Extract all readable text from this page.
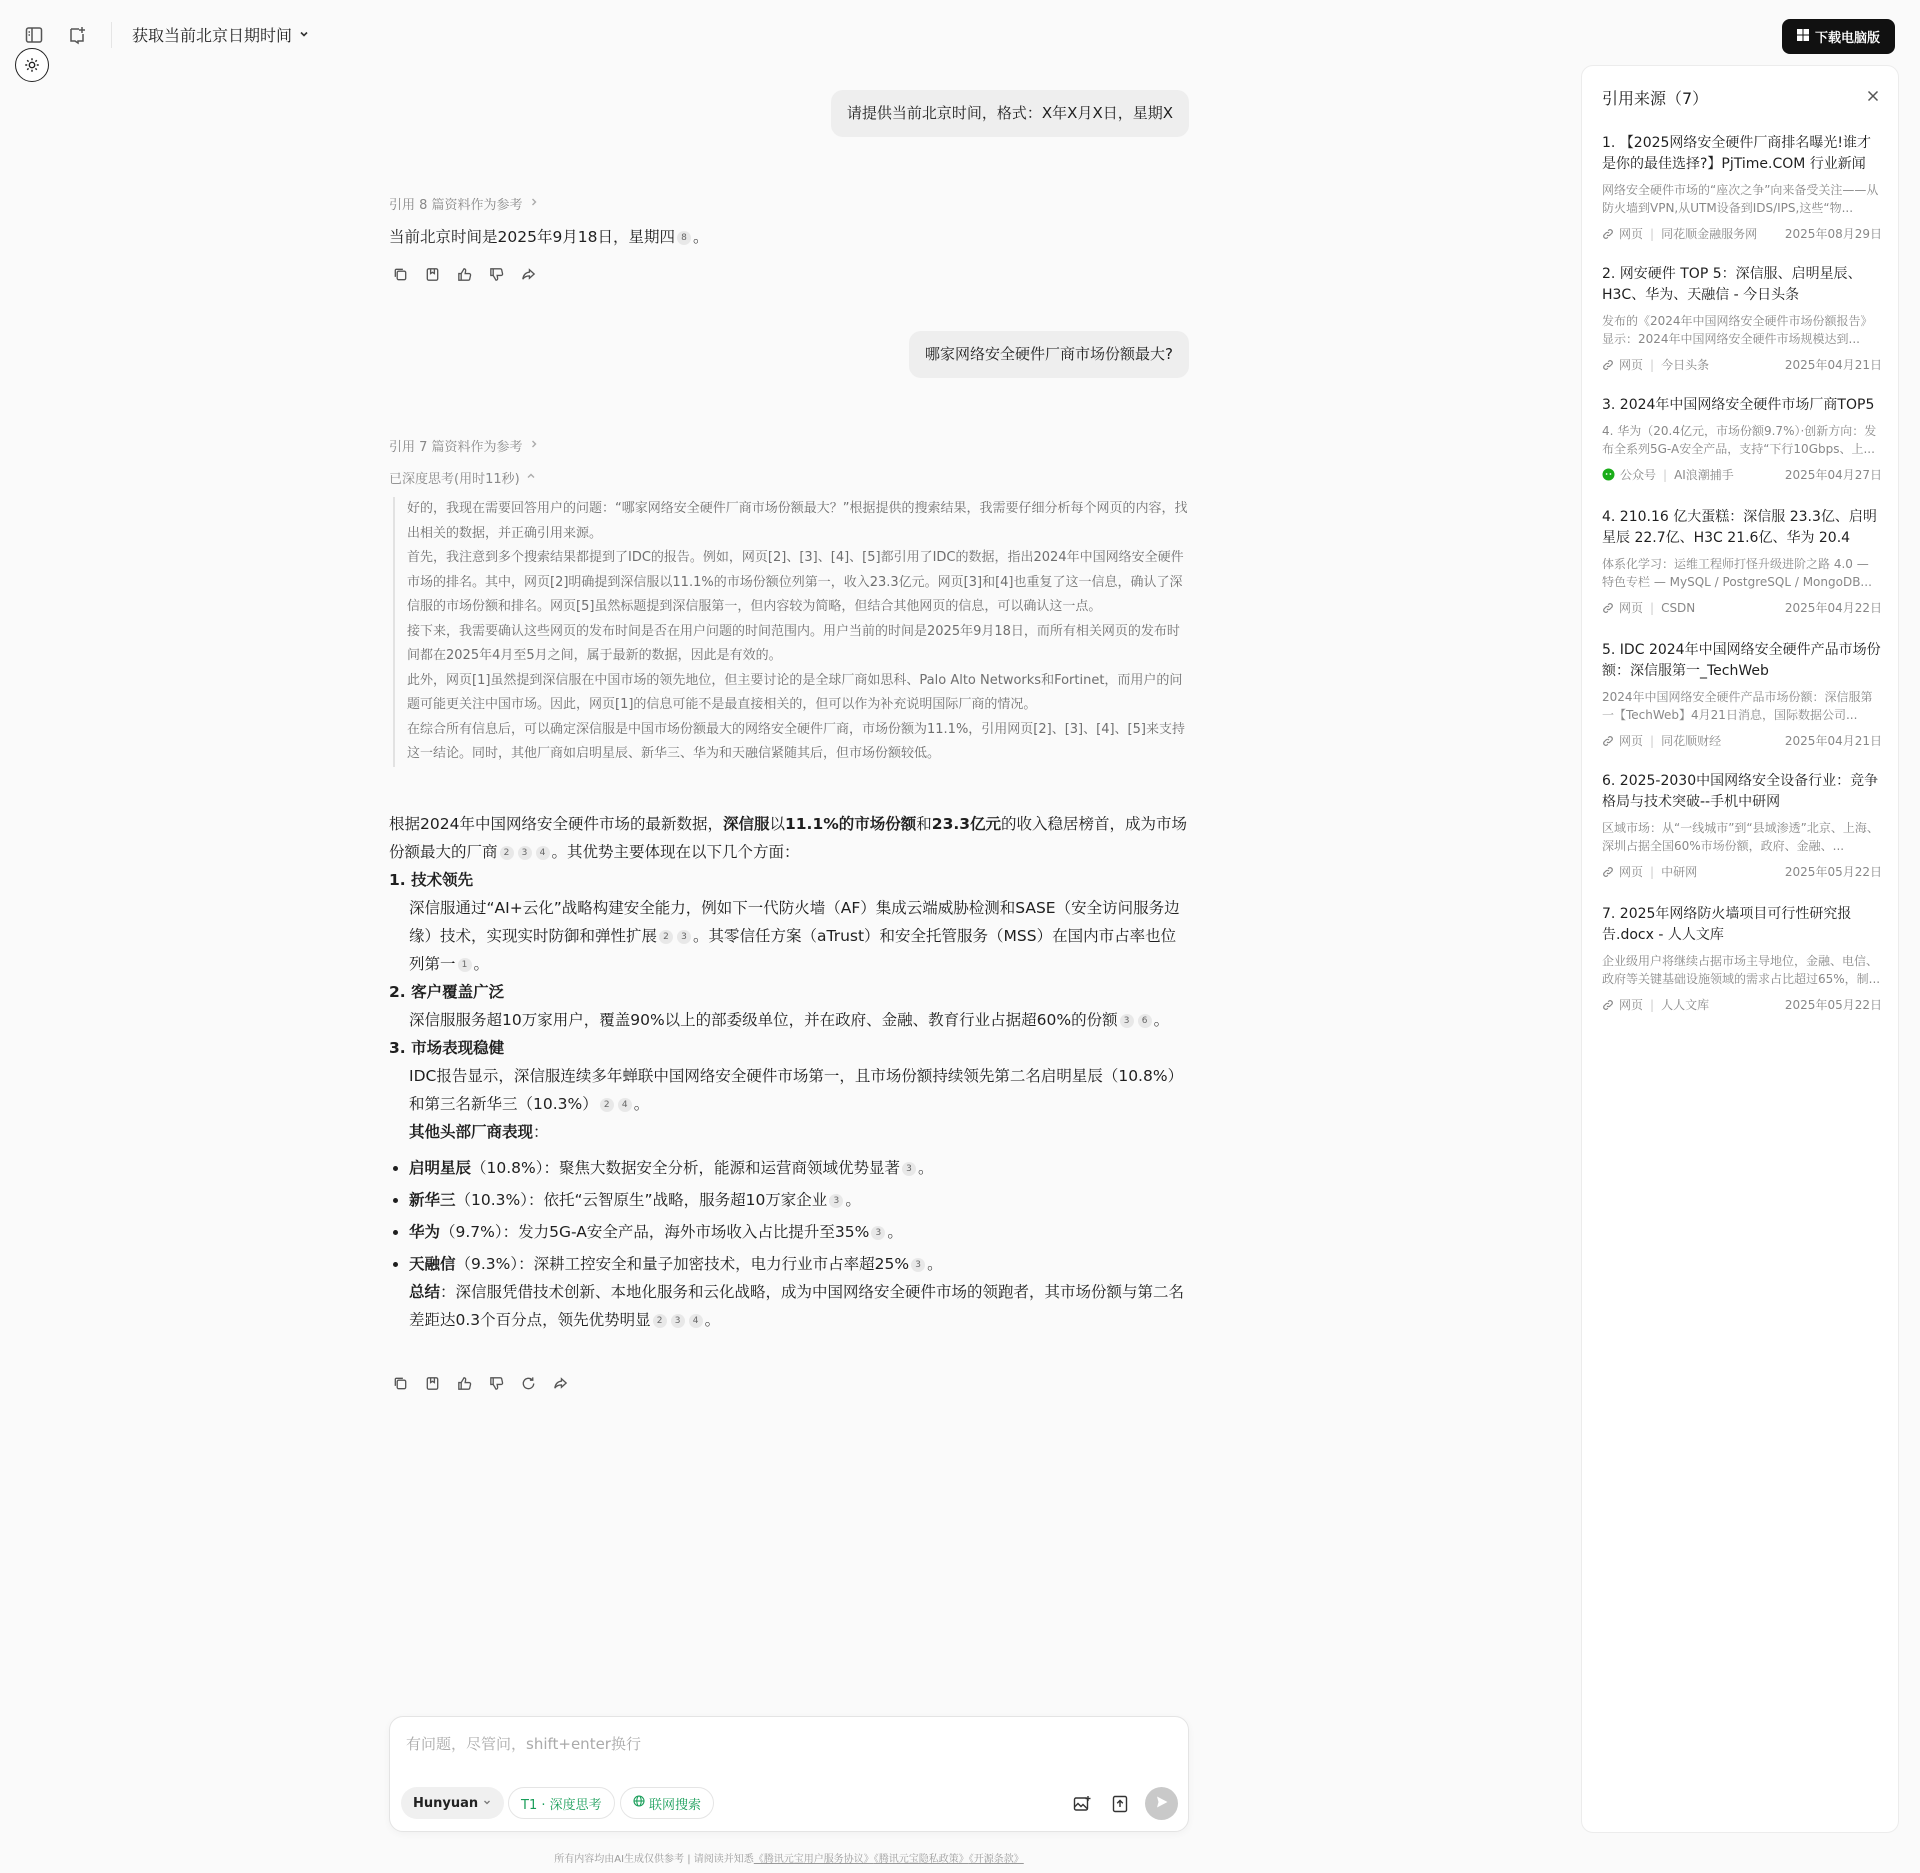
获取当前北京日期时间	下载电脑版
请提供当前北京时间，格式：X年X月X日，星期X
引用 8 篇资料作为参考
当前北京时间是2025年9月18日，星期四 8 。
哪家网络安全硬件厂商市场份额最大?
引用 7 篇资料作为参考
已深度思考(用时11秒)

好的，我现在需要回答用户的问题：“哪家网络安全硬件厂商市场份额最大？”根据提供的搜索结果，我需要仔细分析每个网页的内容，找出相关的数据，并正确引用来源。

首先，我注意到多个搜索结果都提到了IDC的报告。例如，网页[2]、[3]、[4]、[5]都引用了IDC的数据，指出2024年中国网络安全硬件市场的排名。其中，网页[2]明确提到深信服以11.1%的市场份额位列第一，收入23.3亿元。网页[3]和[4]也重复了这一信息，确认了深信服的市场份额和排名。网页[5]虽然标题提到深信服第一，但内容较为简略，但结合其他网页的信息，可以确认这一点。

接下来，我需要确认这些网页的发布时间是否在用户问题的时间范围内。用户当前的时间是2025年9月18日，而所有相关网页的发布时间都在2025年4月至5月之间，属于最新的数据，因此是有效的。

此外，网页[1]虽然提到深信服在中国市场的领先地位，但主要讨论的是全球厂商如思科、Palo Alto Networks和Fortinet，而用户的问题可能更关注中国市场。因此，网页[1]的信息可能不是最直接相关的，但可以作为补充说明国际厂商的情况。

在综合所有信息后，可以确定深信服是中国市场份额最大的网络安全硬件厂商，市场份额为11.1%，引用网页[2]、[3]、[4]、[5]来支持这一结论。同时，其他厂商如启明星辰、新华三、华为和天融信紧随其后，但市场份额较低。

根据2024年中国网络安全硬件市场的最新数据，深信服以11.1%的市场份额和23.3亿元的收入稳居榜首，成为市场份额最大的厂商 2 3 4 。其优势主要体现在以下几个方面：

1. 技术领先

深信服通过“AI+云化”战略构建安全能力，例如下一代防火墙（AF）集成云端威胁检测和SASE（安全访问服务边缘）技术，实现实时防御和弹性扩展 2 3 。其零信任方案（aTrust）和安全托管服务（MSS）在国内市占率也位列第一 1 。

2. 客户覆盖广泛

深信服服务超10万家用户，覆盖90%以上的部委级单位，并在政府、金融、教育行业占据超60%的份额 3 6 。

3. 市场表现稳健

IDC报告显示，深信服连续多年蝉联中国网络安全硬件市场第一，且市场份额持续领先第二名启明星辰（10.8%）和第三名新华三（10.3%） 2 4 。

其他头部厂商表现：

• 启明星辰（10.8%）：聚焦大数据安全分析，能源和运营商领域优势显著 3 。
• 新华三（10.3%）：依托“云智原生”战略，服务超10万家企业 3 。
• 华为（9.7%）：发力5G-A安全产品，海外市场收入占比提升至35% 3 。
• 天融信（9.3%）：深耕工控安全和量子加密技术，电力行业市占率超25% 3 。
总结：深信服凭借技术创新、本地化服务和云化战略，成为中国网络安全硬件市场的领跑者，其市场份额与第二名差距达0.3个百分点，领先优势明显 2 3 4 。
有问题，尽管问，shift+enter换行
Hunyuan	T1 · 深度思考	联网搜索
所有内容均由AI生成仅供参考 | 请阅读并知悉《腾讯元宝用户服务协议》《腾讯元宝隐私政策》《开源条款》
引用来源（7）
1. 【2025网络安全硬件厂商排名曝光!谁才是你的最佳选择?】PjTime.COM 行业新闻
网络安全硬件市场的“座次之争”向来备受关注——从防火墙到VPN,从UTM设备到IDS/IPS,这些“物...
网页 | 同花顺金融服务网 2025年08月29日
2. 网安硬件 TOP 5：深信服、启明星辰、H3C、华为、天融信 - 今日头条
发布的《2024年中国网络安全硬件市场份额报告》显示：2024年中国网络安全硬件市场规模达到...
网页 | 今日头条	2025年04月21日
3. 2024年中国网络安全硬件市场厂商TOP5
4. 华为（20.4亿元，市场份额9.7%）·创新方向：发布全系列5G-A安全产品，支持“下行10Gbps、上...
公众号 | AI浪潮捕手	2025年04月27日
4. 210.16 亿大蛋糕：深信服 23.3亿、启明星辰 22.7亿、H3C 21.6亿、华为 20.4
体系化学习：运维工程师打怪升级进阶之路 4.0 — 特色专栏 — MySQL / PostgreSQL / MongoDB...
网页 | CSDN	2025年04月22日
5. IDC 2024年中国网络安全硬件产品市场份额：深信服第一_TechWeb
2024年中国网络安全硬件产品市场份额：深信服第一【TechWeb】4月21日消息，国际数据公司...
网页 | 同花顺财经	2025年04月21日
6. 2025-2030中国网络安全设备行业：竞争格局与技术突破--手机中研网
区域市场：从“一线城市”到“县域渗透”北京、上海、深圳占据全国60%市场份额，政府、金融、...
网页 | 中研网	2025年05月22日
7. 2025年网络防火墙项目可行性研究报告.docx - 人人文库
企业级用户将继续占据市场主导地位，金融、电信、政府等关键基础设施领域的需求占比超过65%，制...
网页 | 人人文库	2025年05月22日
